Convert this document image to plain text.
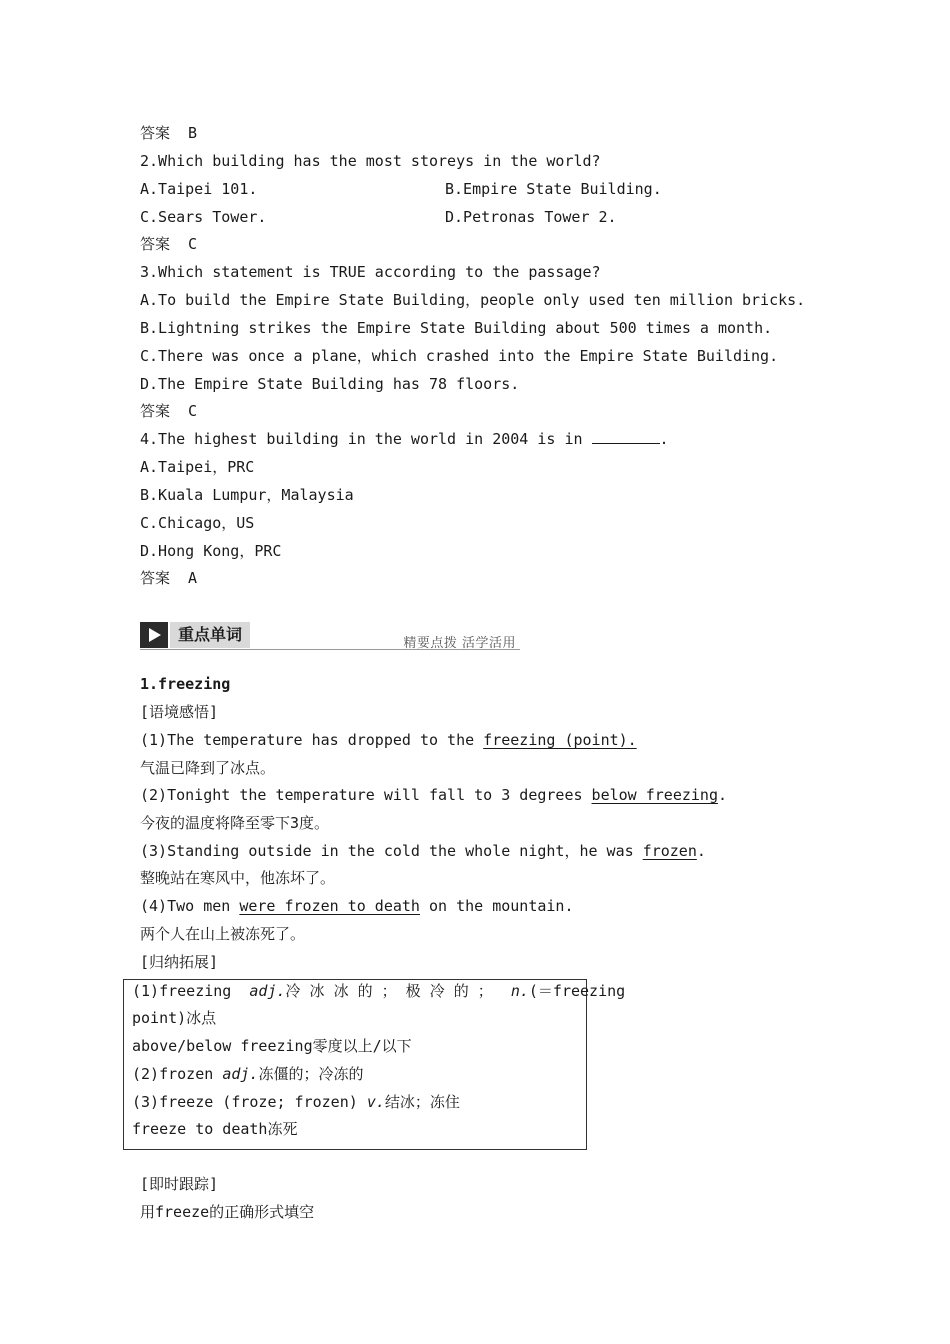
答案  B
2.Which building has the most storeys in the world?
A.Taipei 101.	B.Empire State Building.
C.Sears Tower.	D.Petronas Tower 2.
答案  C
3.Which statement is TRUE according to the passage?
A.To build the Empire State Building，people only used ten million bricks.
B.Lightning strikes the Empire State Building about 500 times a month.
C.There was once a plane，which crashed into the Empire State Building.
D.The Empire State Building has 78 floors.
答案  C
4.The highest building in the world in 2004 is in	.
A.Taipei，PRC
B.Kuala Lumpur，Malaysia
C.Chicago，US
D.Hong Kong，PRC
答案  A
重点单词	精要点拨 活学活用
1.freezing
[语境感悟]
(1)The temperature has dropped to the freezing (point).
气温已降到了冰点。
(2)Tonight the temperature will fall to 3 degrees below freezing.
今夜的温度将降至零下3度。
(3)Standing outside in the cold the whole night，he was frozen.
整晚站在寒风中，他冻坏了。
(4)Two men were frozen to death on the mountain.
两个人在山上被冻死了。
[归纳拓展]
(1)freezing  adj.冷 冰 冰 的 ； 极 冷 的 ；  n.(＝freezing
point)冰点
above/below freezing零度以上/以下
(2)frozen adj.冻僵的；冷冻的
(3)freeze (froze; frozen) v.结冰；冻住
freeze to death冻死
[即时跟踪]
用freeze的正确形式填空
